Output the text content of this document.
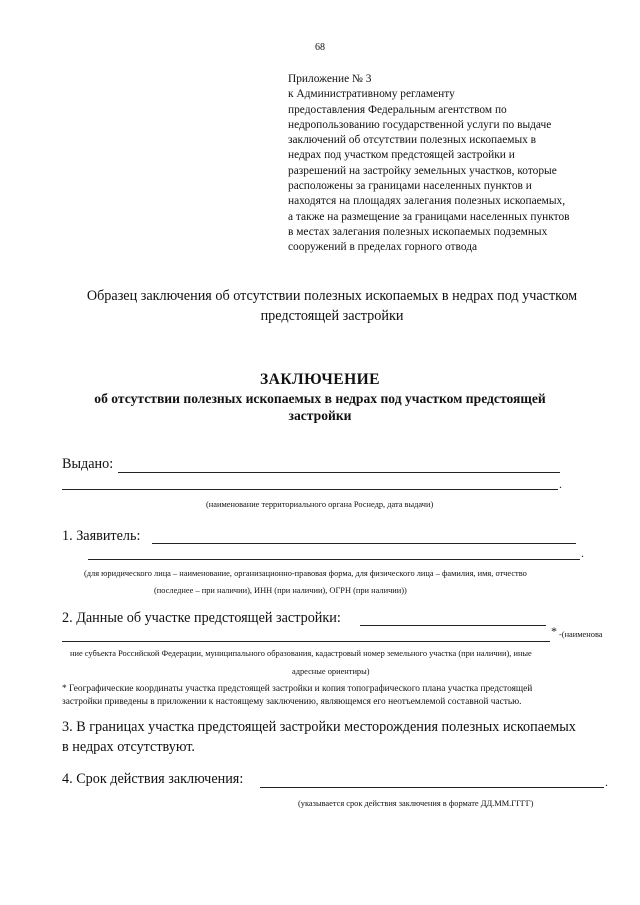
68
Приложение № 3
к Административному регламенту
предоставления Федеральным агентством по
недропользованию государственной услуги по выдаче
заключений об отсутствии полезных ископаемых в
недрах под участком предстоящей застройки и
разрешений на застройку земельных участков, которые
расположены за границами населенных пунктов и
находятся на площадях залегания полезных ископаемых,
а также на размещение за границами населенных пунктов
в местах залегания полезных ископаемых подземных
сооружений в пределах горного отвода
Образец заключения об отсутствии полезных ископаемых в недрах под участком
предстоящей застройки
ЗАКЛЮЧЕНИЕ
об отсутствии полезных ископаемых в недрах под участком предстоящей
застройки
Выдано:
.
(наименование территориального органа Роснедр, дата выдачи)
1. Заявитель:
.
(для юридического лица – наименование, организационно-правовая форма, для физического лица – фамилия, имя, отчество
(последнее – при наличии), ИНН (при наличии), ОГРН (при наличии))
2. Данные об участке предстоящей застройки:
* -(наименова
ние субъекта Российской Федерации, муниципального образования, кадастровый номер земельного участка (при наличии), иные
адресные ориентиры)
* Географические координаты участка предстоящей застройки и копия топографического плана участка предстоящей
застройки приведены в приложении к настоящему заключению, являющемся его неотъемлемой составной частью.
3. В границах участка предстоящей застройки месторождения полезных ископаемых
в недрах отсутствуют.
4. Срок действия заключения:	.
(указывается срок действия заключения в формате ДД.ММ.ГГГГ)
